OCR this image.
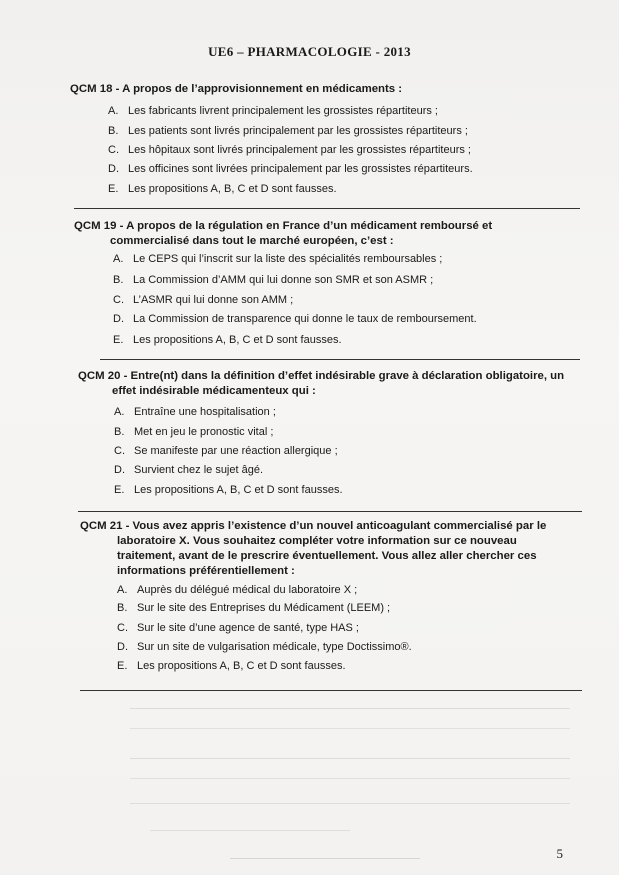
UE6 – PHARMACOLOGIE - 2013
QCM 18 - A propos de l’approvisionnement en médicaments :
A. Les fabricants livrent principalement les grossistes répartiteurs ;
B. Les patients sont livrés principalement par les grossistes répartiteurs ;
C. Les hôpitaux sont livrés principalement par les grossistes répartiteurs ;
D. Les officines sont livrées principalement par les grossistes répartiteurs.
E. Les propositions A, B, C et D sont fausses.
QCM 19 - A propos de la régulation en France d’un médicament remboursé et
commercialisé dans tout le marché européen, c’est :
A. Le CEPS qui l’inscrit sur la liste des spécialités remboursables ;
B. La Commission d’AMM qui lui donne son SMR et son ASMR ;
C. L’ASMR qui lui donne son AMM ;
D. La Commission de transparence qui donne le taux de remboursement.
E. Les propositions A, B, C et D sont fausses.
QCM 20 - Entre(nt) dans la définition d’effet indésirable grave à déclaration obligatoire, un
effet indésirable médicamenteux qui :
A. Entraîne une hospitalisation ;
B. Met en jeu le pronostic vital ;
C. Se manifeste par une réaction allergique ;
D. Survient chez le sujet âgé.
E. Les propositions A, B, C et D sont fausses.
QCM 21 - Vous avez appris l’existence d’un nouvel anticoagulant commercialisé par le
laboratoire X. Vous souhaitez compléter votre information sur ce nouveau
traitement, avant de le prescrire éventuellement. Vous allez aller chercher ces
informations préférentiellement :
A. Auprès du délégué médical du laboratoire X ;
B. Sur le site des Entreprises du Médicament (LEEM) ;
C. Sur le site d’une agence de santé, type HAS ;
D. Sur un site de vulgarisation médicale, type Doctissimo®.
E. Les propositions A, B, C et D sont fausses.
5
